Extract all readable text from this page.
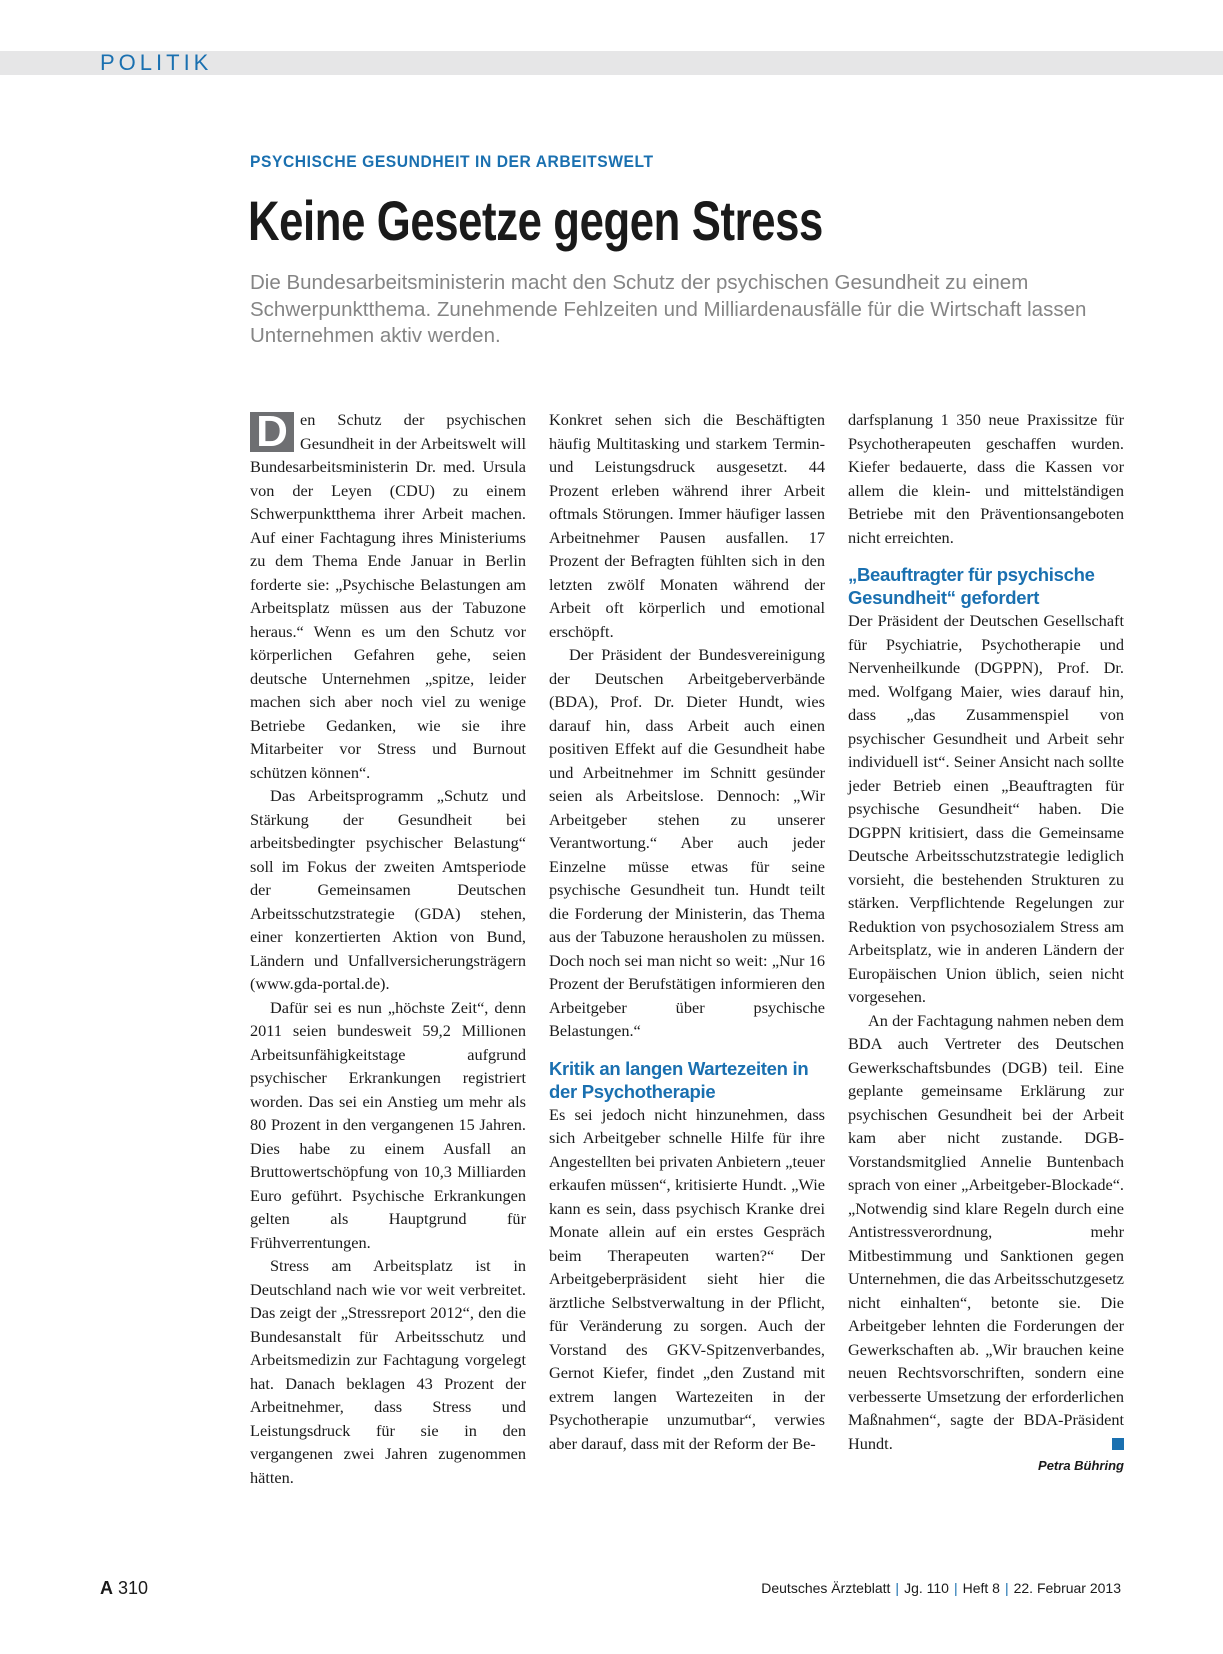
POLITIK
PSYCHISCHE GESUNDHEIT IN DER ARBEITSWELT
Keine Gesetze gegen Stress

Die Bundesarbeitsministerin macht den Schutz der psychischen Gesundheit zu einem Schwerpunktthema. Zunehmende Fehlzeiten und Milliardenausfälle für die Wirtschaft lassen Unternehmen aktiv werden.

D en Schutz der psychischen Gesundheit in der Arbeitswelt will Bundesarbeitsministerin Dr. med. Ursula von der Leyen (CDU) zu einem Schwerpunktthema ihrer Arbeit machen. Auf einer Fachtagung ihres Ministeriums zu dem Thema Ende Januar in Berlin forderte sie: „Psychische Belastungen am Arbeitsplatz müssen aus der Tabuzone heraus.“ Wenn es um den Schutz vor körperlichen Gefahren gehe, seien deutsche Unternehmen „spitze, leider machen sich aber noch viel zu wenige Betriebe Gedanken, wie sie ihre Mitarbeiter vor Stress und Burnout schützen können“.

Das Arbeitsprogramm „Schutz und Stärkung der Gesundheit bei arbeitsbedingter psychischer Belastung“ soll im Fokus der zweiten Amtsperiode der Gemeinsamen Deutschen Arbeitsschutzstrategie (GDA) stehen, einer konzertierten Aktion von Bund, Ländern und Unfallversicherungsträgern (www.gda-portal.de).

Dafür sei es nun „höchste Zeit“, denn 2011 seien bundesweit 59,2 Millionen Arbeitsunfähigkeitstage aufgrund psychischer Erkrankungen registriert worden. Das sei ein Anstieg um mehr als 80 Prozent in den vergangenen 15 Jahren. Dies habe zu einem Ausfall an Bruttowertschöpfung von 10,3 Milliarden Euro geführt. Psychische Erkrankungen gelten als Hauptgrund für Frühverrentungen.

Stress am Arbeitsplatz ist in Deutschland nach wie vor weit verbreitet. Das zeigt der „Stressreport 2012“, den die Bundesanstalt für Arbeitsschutz und Arbeitsmedizin zur Fachtagung vorgelegt hat. Danach beklagen 43 Prozent der Arbeitnehmer, dass Stress und Leistungsdruck für sie in den vergangenen zwei Jahren zugenommen hätten.

Konkret sehen sich die Beschäftigten häufig Multitasking und starkem Termin- und Leistungsdruck ausgesetzt. 44 Prozent erleben während ihrer Arbeit oftmals Störungen. Immer häufiger lassen Arbeitnehmer Pausen ausfallen. 17 Prozent der Befragten fühlten sich in den letzten zwölf Monaten während der Arbeit oft körperlich und emotional erschöpft.

Der Präsident der Bundesvereinigung der Deutschen Arbeitgeberverbände (BDA), Prof. Dr. Dieter Hundt, wies darauf hin, dass Arbeit auch einen positiven Effekt auf die Gesundheit habe und Arbeitnehmer im Schnitt gesünder seien als Arbeitslose. Dennoch: „Wir Arbeitgeber stehen zu unserer Verantwortung.“ Aber auch jeder Einzelne müsse etwas für seine psychische Gesundheit tun. Hundt teilt die Forderung der Ministerin, das Thema aus der Tabuzone herausholen zu müssen. Doch noch sei man nicht so weit: „Nur 16 Prozent der Berufstätigen informieren den Arbeitgeber über psychische Belastungen.“

Kritik an langen Wartezeiten in der Psychotherapie

Es sei jedoch nicht hinzunehmen, dass sich Arbeitgeber schnelle Hilfe für ihre Angestellten bei privaten Anbietern „teuer erkaufen müssen“, kritisierte Hundt. „Wie kann es sein, dass psychisch Kranke drei Monate allein auf ein erstes Gespräch beim Therapeuten warten?“ Der Arbeitgeberpräsident sieht hier die ärztliche Selbstverwaltung in der Pflicht, für Veränderung zu sorgen. Auch der Vorstand des GKV-Spitzenverbandes, Gernot Kiefer, findet „den Zustand mit extrem langen Wartezeiten in der Psychotherapie unzumutbar“, verwies aber darauf, dass mit der Reform der Be-

darfsplanung 1 350 neue Praxissitze für Psychotherapeuten geschaffen wurden. Kiefer bedauerte, dass die Kassen vor allem die klein- und mittelständigen Betriebe mit den Präventionsangeboten nicht erreichten.

„Beauftragter für psychische Gesundheit“ gefordert

Der Präsident der Deutschen Gesellschaft für Psychiatrie, Psychotherapie und Nervenheilkunde (DGPPN), Prof. Dr. med. Wolfgang Maier, wies darauf hin, dass „das Zusammenspiel von psychischer Gesundheit und Arbeit sehr individuell ist“. Seiner Ansicht nach sollte jeder Betrieb einen „Beauftragten für psychische Gesundheit“ haben. Die DGPPN kritisiert, dass die Gemeinsame Deutsche Arbeitsschutzstrategie lediglich vorsieht, die bestehenden Strukturen zu stärken. Verpflichtende Regelungen zur Reduktion von psychosozialem Stress am Arbeitsplatz, wie in anderen Ländern der Europäischen Union üblich, seien nicht vorgesehen.

An der Fachtagung nahmen neben dem BDA auch Vertreter des Deutschen Gewerkschaftsbundes (DGB) teil. Eine geplante gemeinsame Erklärung zur psychischen Gesundheit bei der Arbeit kam aber nicht zustande. DGB-Vorstandsmitglied Annelie Buntenbach sprach von einer „Arbeitgeber-Blockade“. „Notwendig sind klare Regeln durch eine Antistressverordnung, mehr Mitbestimmung und Sanktionen gegen Unternehmen, die das Arbeitsschutzgesetz nicht einhalten“, betonte sie. Die Arbeitgeber lehnten die Forderungen der Gewerkschaften ab. „Wir brauchen keine neuen Rechtsvorschriften, sondern eine verbesserte Umsetzung der erforderlichen Maßnahmen“, sagte der BDA-Präsident Hundt.

Petra Bühring
A 310	Deutsches Ärzteblatt | Jg. 110 | Heft 8 | 22. Februar 2013
